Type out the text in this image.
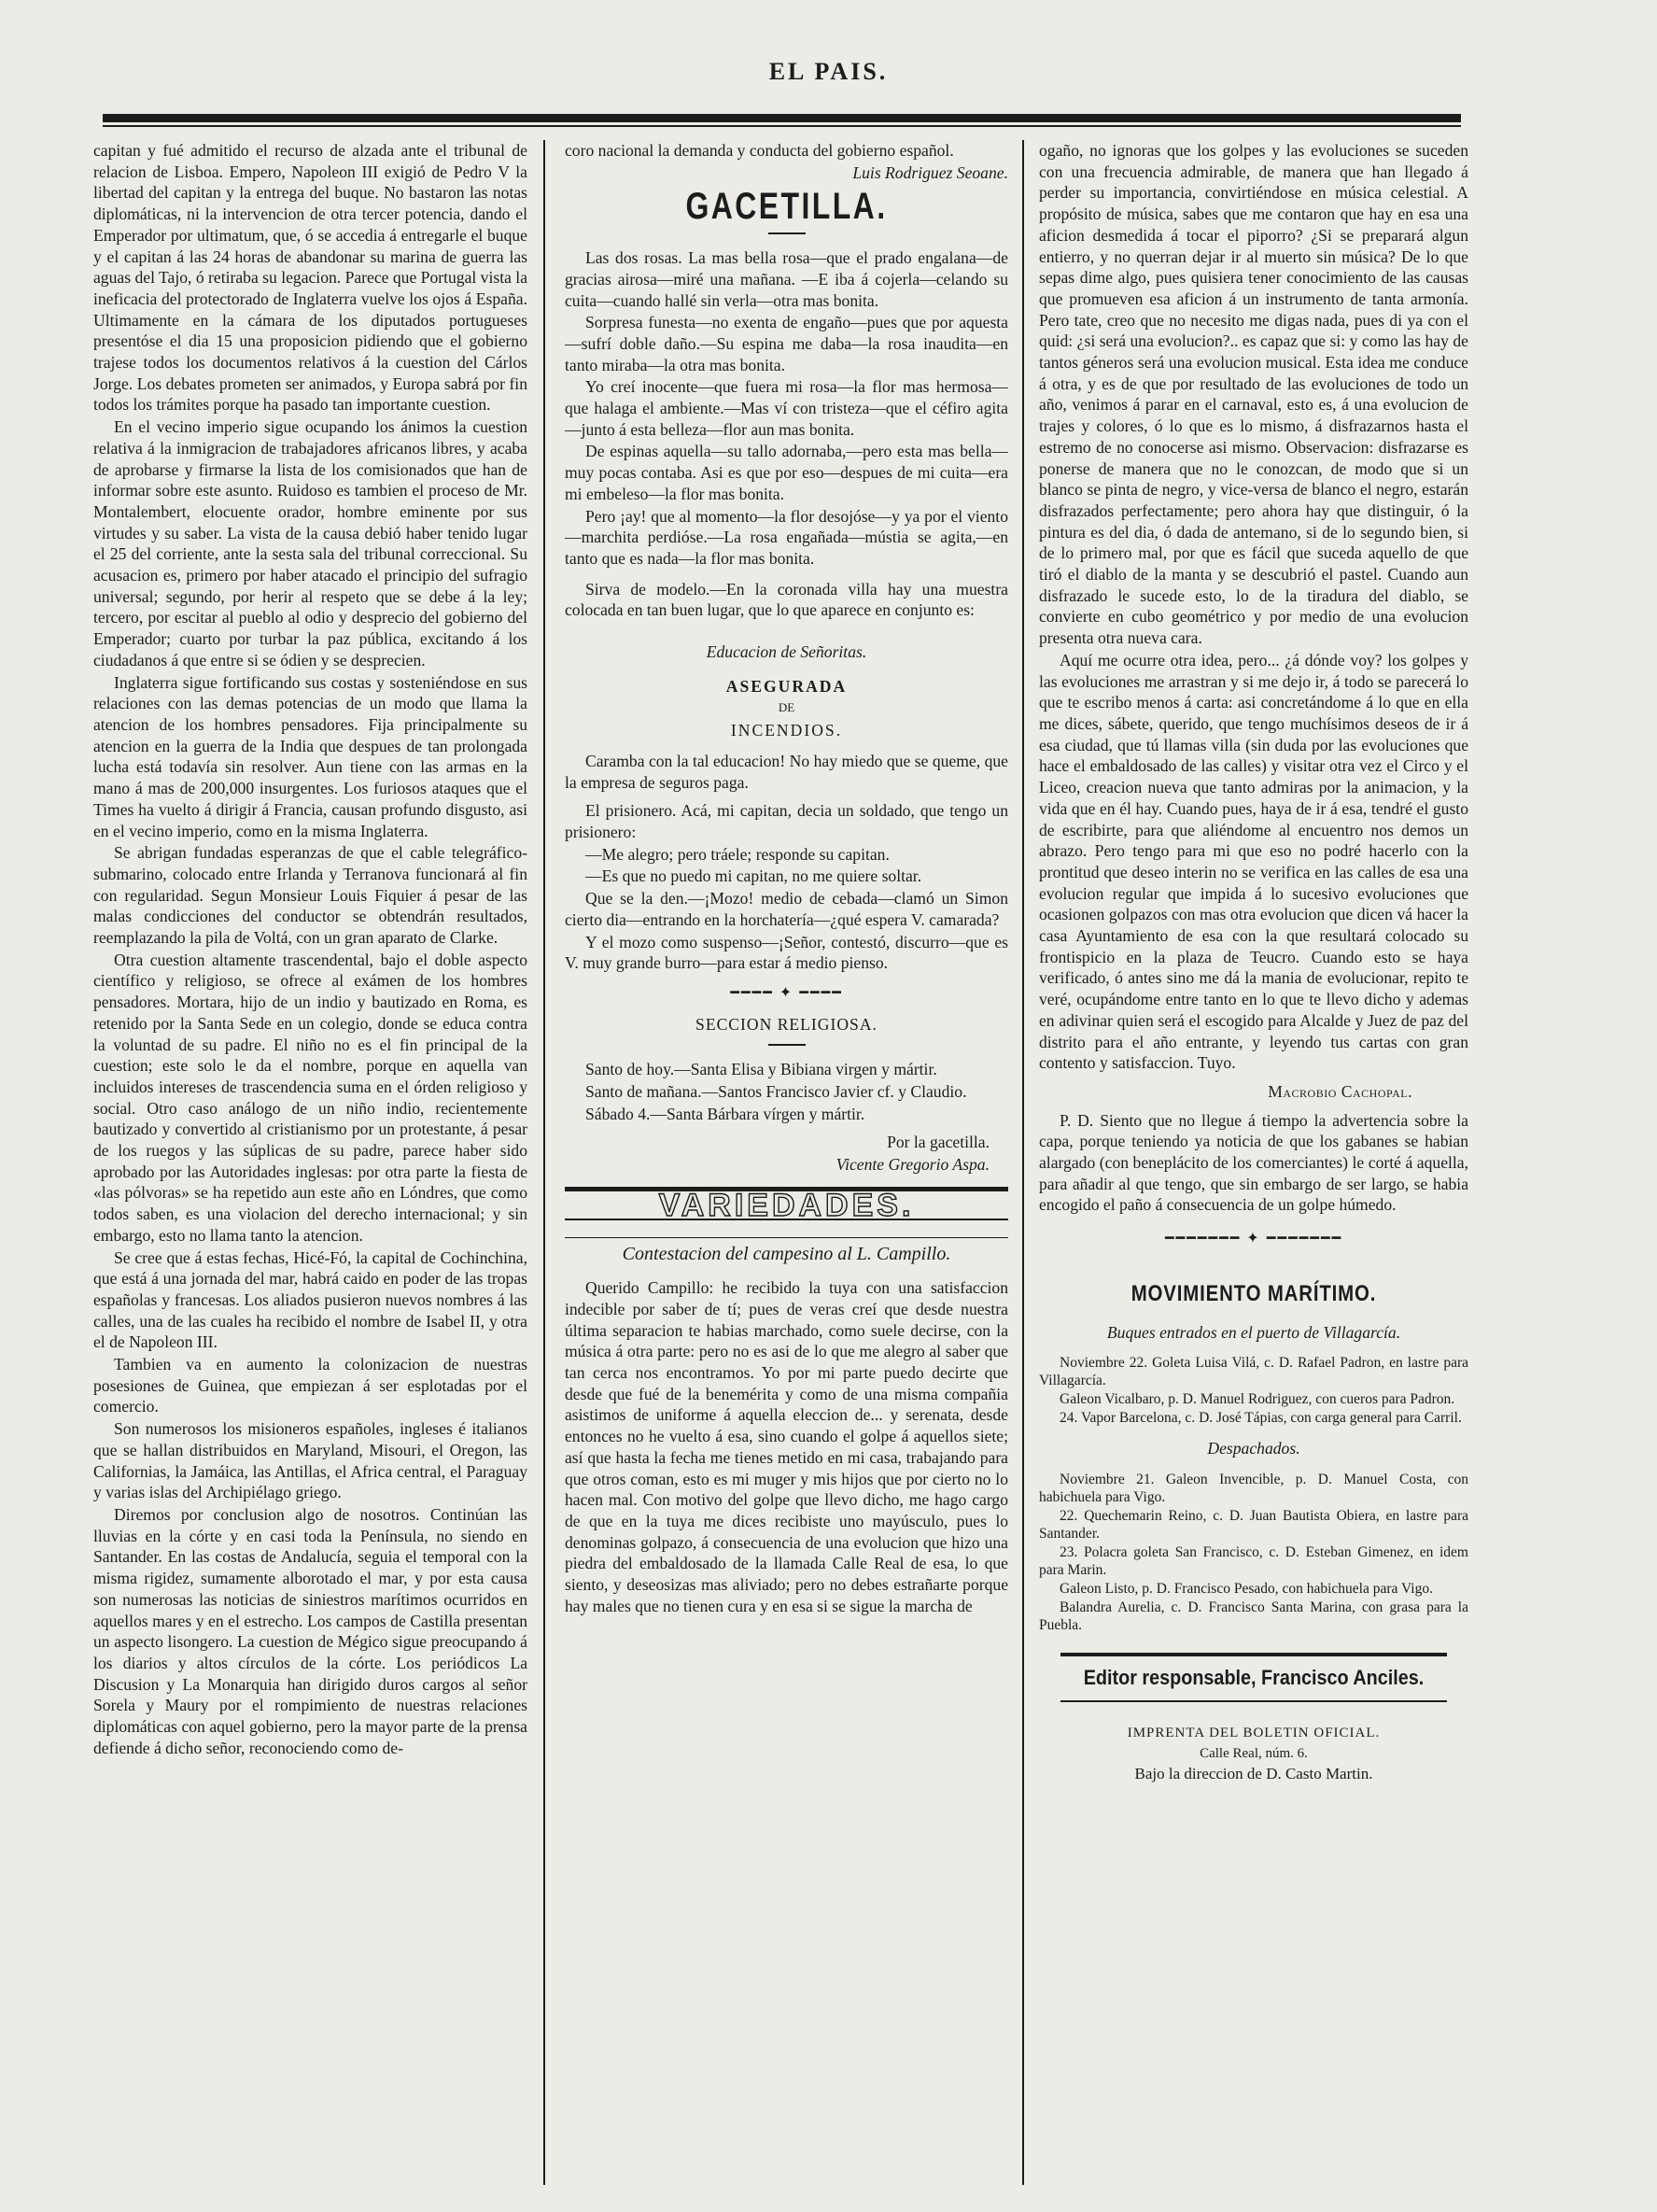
EL PAIS.

capitan y fué admitido el recurso de alzada ante el tribunal de relacion de Lisboa. Empero, Napoleon III exigió de Pedro V la libertad del capitan y la entrega del buque. No bastaron las notas diplomáticas, ni la intervencion de otra tercer potencia, dando el Emperador por ultimatum, que, ó se accedia á entregarle el buque y el capitan á las 24 horas de abandonar su marina de guerra las aguas del Tajo, ó retiraba su legacion. Parece que Portugal vista la ineficacia del protectorado de Inglaterra vuelve los ojos á España. Ultimamente en la cámara de los diputados portugueses presentóse el dia 15 una proposicion pidiendo que el gobierno trajese todos los documentos relativos á la cuestion del Cárlos Jorge. Los debates prometen ser animados, y Europa sabrá por fin todos los trámites porque ha pasado tan importante cuestion.

En el vecino imperio sigue ocupando los ánimos la cuestion relativa á la inmigracion de trabajadores africanos libres, y acaba de aprobarse y firmarse la lista de los comisionados que han de informar sobre este asunto. Ruidoso es tambien el proceso de Mr. Montalembert, elocuente orador, hombre eminente por sus virtudes y su saber. La vista de la causa debió haber tenido lugar el 25 del corriente, ante la sesta sala del tribunal correccional. Su acusacion es, primero por haber atacado el principio del sufragio universal; segundo, por herir al respeto que se debe á la ley; tercero, por escitar al pueblo al odio y desprecio del gobierno del Emperador; cuarto por turbar la paz pública, excitando á los ciudadanos á que entre si se ódien y se desprecien.

Inglaterra sigue fortificando sus costas y sosteniéndose en sus relaciones con las demas potencias de un modo que llama la atencion de los hombres pensadores. Fija principalmente su atencion en la guerra de la India que despues de tan prolongada lucha está todavía sin resolver. Aun tiene con las armas en la mano á mas de 200,000 insurgentes. Los furiosos ataques que el Times ha vuelto á dirigir á Francia, causan profundo disgusto, asi en el vecino imperio, como en la misma Inglaterra.

Se abrigan fundadas esperanzas de que el cable telegráfico-submarino, colocado entre Irlanda y Terranova funcionará al fin con regularidad. Segun Monsieur Louis Fiquier á pesar de las malas condicciones del conductor se obtendrán resultados, reemplazando la pila de Voltá, con un gran aparato de Clarke.

Otra cuestion altamente trascendental, bajo el doble aspecto científico y religioso, se ofrece al exámen de los hombres pensadores. Mortara, hijo de un indio y bautizado en Roma, es retenido por la Santa Sede en un colegio, donde se educa contra la voluntad de su padre. El niño no es el fin principal de la cuestion; este solo le da el nombre, porque en aquella van incluidos intereses de trascendencia suma en el órden religioso y social. Otro caso análogo de un niño indio, recientemente bautizado y convertido al cristianismo por un protestante, á pesar de los ruegos y las súplicas de su padre, parece haber sido aprobado por las Autoridades inglesas: por otra parte la fiesta de «las pólvoras» se ha repetido aun este año en Lóndres, que como todos saben, es una violacion del derecho internacional; y sin embargo, esto no llama tanto la atencion.

Se cree que á estas fechas, Hicé-Fó, la capital de Cochinchina, que está á una jornada del mar, habrá caido en poder de las tropas españolas y francesas. Los aliados pusieron nuevos nombres á las calles, una de las cuales ha recibido el nombre de Isabel II, y otra el de Napoleon III.

Tambien va en aumento la colonizacion de nuestras posesiones de Guinea, que empiezan á ser esplotadas por el comercio.

Son numerosos los misioneros españoles, ingleses é italianos que se hallan distribuidos en Maryland, Misouri, el Oregon, las Californias, la Jamáica, las Antillas, el Africa central, el Paraguay y varias islas del Archipiélago griego.

Diremos por conclusion algo de nosotros. Continúan las lluvias en la córte y en casi toda la Península, no siendo en Santander. En las costas de Andalucía, seguia el temporal con la misma rigidez, sumamente alborotado el mar, y por esta causa son numerosas las noticias de siniestros marítimos ocurridos en aquellos mares y en el estrecho. Los campos de Castilla presentan un aspecto lisongero. La cuestion de Mégico sigue preocupando á los diarios y altos círculos de la córte. Los periódicos La Discusion y La Monarquia han dirigido duros cargos al señor Sorela y Maury por el rompimiento de nuestras relaciones diplomáticas con aquel gobierno, pero la mayor parte de la prensa defiende á dicho señor, reconociendo como de-

coro nacional la demanda y conducta del gobierno español.

Luis Rodriguez Seoane.

GACETILLA.

Las dos rosas. La mas bella rosa—que el prado engalana—de gracias airosa—miré una mañana. —E iba á cojerla—celando su cuita—cuando hallé sin verla—otra mas bonita.

Sorpresa funesta—no exenta de engaño—pues que por aquesta—sufrí doble daño.—Su espina me daba—la rosa inaudita—en tanto miraba—la otra mas bonita.

Yo creí inocente—que fuera mi rosa—la flor mas hermosa—que halaga el ambiente.—Mas ví con tristeza—que el céfiro agita—junto á esta belleza—flor aun mas bonita.

De espinas aquella—su tallo adornaba,—pero esta mas bella—muy pocas contaba. Asi es que por eso—despues de mi cuita—era mi embeleso—la flor mas bonita.

Pero ¡ay! que al momento—la flor desojóse—y ya por el viento—marchita perdióse.—La rosa engañada—mústia se agita,—en tanto que es nada—la flor mas bonita.

Sirva de modelo.—En la coronada villa hay una muestra colocada en tan buen lugar, que lo que aparece en conjunto es:

Educacion de Señoritas.

ASEGURADA

DE

INCENDIOS.

Caramba con la tal educacion! No hay miedo que se queme, que la empresa de seguros paga.

El prisionero. Acá, mi capitan, decia un soldado, que tengo un prisionero:

—Me alegro; pero tráele; responde su capitan.

—Es que no puedo mi capitan, no me quiere soltar.

Que se la den.—¡Mozo! medio de cebada—clamó un Simon cierto dia—entrando en la horchatería—¿qué espera V. camarada?

Y el mozo como suspenso—¡Señor, contestó, discurro—que es V. muy grande burro—para estar á medio pienso.

━━━━ ✦ ━━━━
SECCION RELIGIOSA.

Santo de hoy.—Santa Elisa y Bibiana virgen y mártir.

Santo de mañana.—Santos Francisco Javier cf. y Claudio.

Sábado 4.—Santa Bárbara vírgen y mártir.

Por la gacetilla.

Vicente Gregorio Aspa.

VARIEDADES.
Contestacion del campesino al L. Campillo.

Querido Campillo: he recibido la tuya con una satisfaccion indecible por saber de tí; pues de veras creí que desde nuestra última separacion te habias marchado, como suele decirse, con la música á otra parte: pero no es asi de lo que me alegro al saber que tan cerca nos encontramos. Yo por mi parte puedo decirte que desde que fué de la benemérita y como de una misma compañia asistimos de uniforme á aquella eleccion de... y serenata, desde entonces no he vuelto á esa, sino cuando el golpe á aquellos siete; así que hasta la fecha me tienes metido en mi casa, trabajando para que otros coman, esto es mi muger y mis hijos que por cierto no lo hacen mal. Con motivo del golpe que llevo dicho, me hago cargo de que en la tuya me dices recibiste uno mayúsculo, pues lo denominas golpazo, á consecuencia de una evolucion que hizo una piedra del embaldosado de la llamada Calle Real de esa, lo que siento, y deseosizas mas aliviado; pero no debes estrañarte porque hay males que no tienen cura y en esa si se sigue la marcha de

ogaño, no ignoras que los golpes y las evoluciones se suceden con una frecuencia admirable, de manera que han llegado á perder su importancia, convirtiéndose en música celestial. A propósito de música, sabes que me contaron que hay en esa una aficion desmedida á tocar el piporro? ¿Si se preparará algun entierro, y no querran dejar ir al muerto sin música? De lo que sepas dime algo, pues quisiera tener conocimiento de las causas que promueven esa aficion á un instrumento de tanta armonía. Pero tate, creo que no necesito me digas nada, pues di ya con el quid: ¿si será una evolucion?.. es capaz que si: y como las hay de tantos géneros será una evolucion musical. Esta idea me conduce á otra, y es de que por resultado de las evoluciones de todo un año, venimos á parar en el carnaval, esto es, á una evolucion de trajes y colores, ó lo que es lo mismo, á disfrazarnos hasta el estremo de no conocerse asi mismo. Observacion: disfrazarse es ponerse de manera que no le conozcan, de modo que si un blanco se pinta de negro, y vice-versa de blanco el negro, estarán disfrazados perfectamente; pero ahora hay que distinguir, ó la pintura es del dia, ó dada de antemano, si de lo segundo bien, si de lo primero mal, por que es fácil que suceda aquello de que tiró el diablo de la manta y se descubrió el pastel. Cuando aun disfrazado le sucede esto, lo de la tiradura del diablo, se convierte en cubo geométrico y por medio de una evolucion presenta otra nueva cara.

Aquí me ocurre otra idea, pero... ¿á dónde voy? los golpes y las evoluciones me arrastran y si me dejo ir, á todo se parecerá lo que te escribo menos á carta: asi concretándome á lo que en ella me dices, sábete, querido, que tengo muchísimos deseos de ir á esa ciudad, que tú llamas villa (sin duda por las evoluciones que hace el embaldosado de las calles) y visitar otra vez el Circo y el Liceo, creacion nueva que tanto admiras por la animacion, y la vida que en él hay. Cuando pues, haya de ir á esa, tendré el gusto de escribirte, para que aliéndome al encuentro nos demos un abrazo. Pero tengo para mi que eso no podré hacerlo con la prontitud que deseo interin no se verifica en las calles de esa una evolucion regular que impida á lo sucesivo evoluciones que ocasionen golpazos con mas otra evolucion que dicen vá hacer la casa Ayuntamiento de esa con la que resultará colocado su frontispicio en la plaza de Teucro. Cuando esto se haya verificado, ó antes sino me dá la mania de evolucionar, repito te veré, ocupándome entre tanto en lo que te llevo dicho y ademas en adivinar quien será el escogido para Alcalde y Juez de paz del distrito para el año entrante, y leyendo tus cartas con gran contento y satisfaccion. Tuyo.

Macrobio Cachopal.

P. D. Siento que no llegue á tiempo la advertencia sobre la capa, porque teniendo ya noticia de que los gabanes se habian alargado (con beneplácito de los comerciantes) le corté á aquella, para añadir al que tengo, que sin embargo de ser largo, se habia encogido el paño á consecuencia de un golpe húmedo.

━━━━━━━ ✦ ━━━━━━━
MOVIMIENTO MARÍTIMO.

Buques entrados en el puerto de Villagarcía.

Noviembre 22. Goleta Luisa Vilá, c. D. Rafael Padron, en lastre para Villagarcía.

Galeon Vicalbaro, p. D. Manuel Rodriguez, con cueros para Padron.

24. Vapor Barcelona, c. D. José Tápias, con carga general para Carril.

Despachados.

Noviembre 21. Galeon Invencible, p. D. Manuel Costa, con habichuela para Vigo.

22. Quechemarin Reino, c. D. Juan Bautista Obiera, en lastre para Santander.

23. Polacra goleta San Francisco, c. D. Esteban Gimenez, en idem para Marin.

Galeon Listo, p. D. Francisco Pesado, con habichuela para Vigo.

Balandra Aurelia, c. D. Francisco Santa Marina, con grasa para la Puebla.

Editor responsable, Francisco Anciles.
IMPRENTA DEL BOLETIN OFICIAL.
Calle Real, núm. 6.
Bajo la direccion de D. Casto Martin.
